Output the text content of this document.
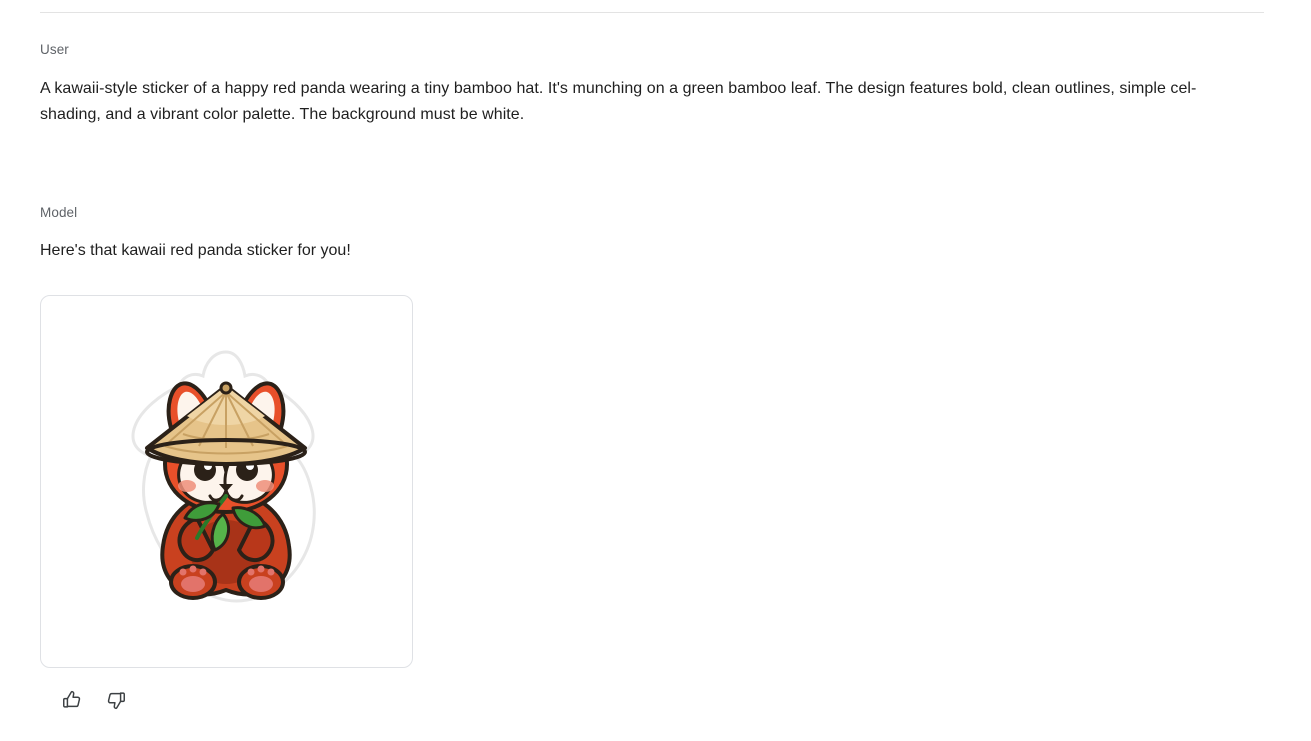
User
A kawaii-style sticker of a happy red panda wearing a tiny bamboo hat. It's munching on a green bamboo leaf. The design features bold, clean outlines, simple cel-shading, and a vibrant color palette. The background must be white.
Model
Here's that kawaii red panda sticker for you!
